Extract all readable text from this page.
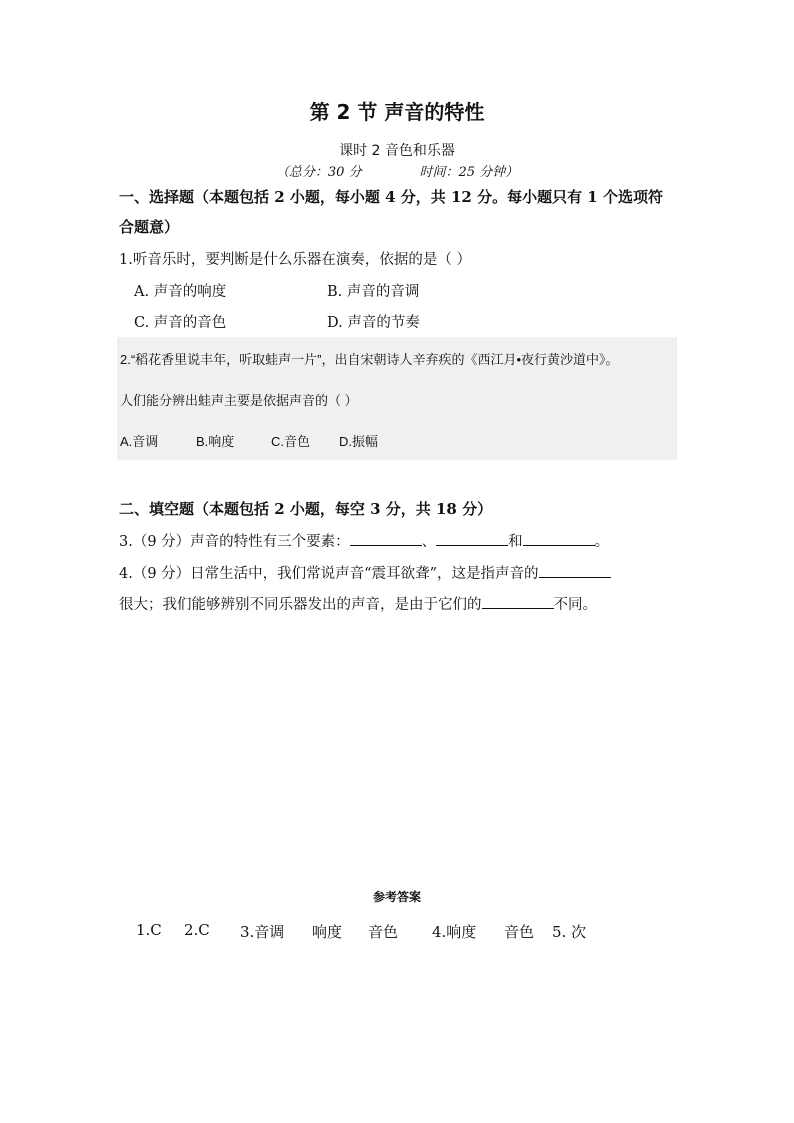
第 2 节 声音的特性
课时 2 音色和乐器
（总分：30 分	时间：25 分钟）
一、选择题（本题包括 2 小题，每小题 4 分，共 12 分。每小题只有 1 个选项符
合题意）
1.听音乐时，要判断是什么乐器在演奏，依据的是（ ）
A. 声音的响度	B. 声音的音调
C. 声音的音色	D. 声音的节奏
2.“稻花香里说丰年，听取蛙声一片”，出自宋朝诗人辛弃疾的《西江月•夜行黄沙道中》。
人们能分辨出蛙声主要是依据声音的（ ）
A.音调	B.响度	C.音色 D.振幅
二、填空题（本题包括 2 小题，每空 3 分，共 18 分）
3.（9 分）声音的特性有三个要素：	、	和	。
4.（9 分）日常生活中，我们常说声音“震耳欲聋”，这是指声音的
很大；我们能够辨别不同乐器发出的声音，是由于它们的	不同。
参考答案
1.C 2.C 3.音调 响度 音色 4.响度 音色 5. 次
